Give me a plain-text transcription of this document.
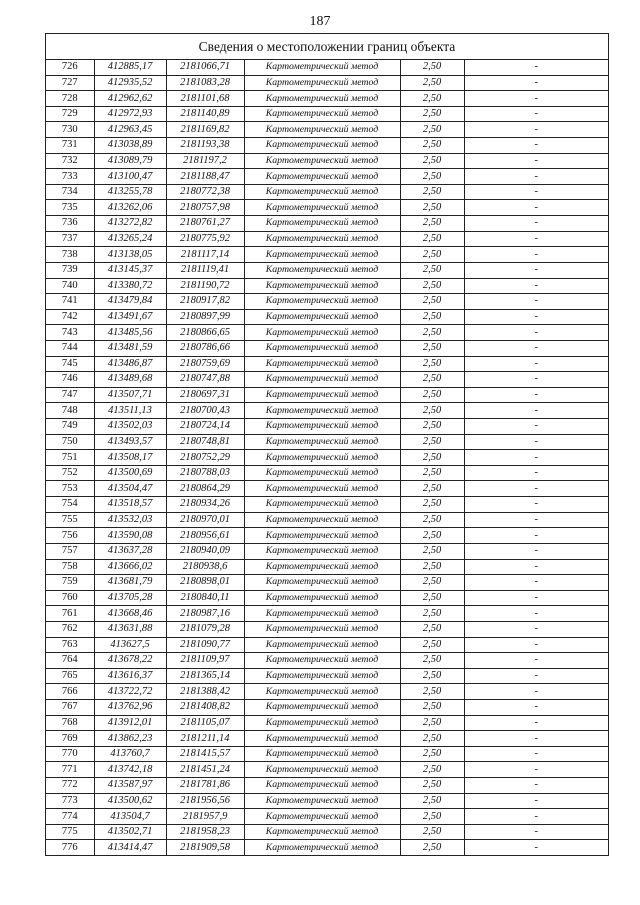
187
Сведения о местоположении границ объекта
726	412885,17	2181066,71	Картометрический метод	2,50	-
727	412935,52	2181083,28	Картометрический метод	2,50	-
728	412962,62	2181101,68	Картометрический метод	2,50	-
729	412972,93	2181140,89	Картометрический метод	2,50	-
730	412963,45	2181169,82	Картометрический метод	2,50	-
731	413038,89	2181193,38	Картометрический метод	2,50	-
732	413089,79	2181197,2	Картометрический метод	2,50	-
733	413100,47	2181188,47	Картометрический метод	2,50	-
734	413255,78	2180772,38	Картометрический метод	2,50	-
735	413262,06	2180757,98	Картометрический метод	2,50	-
736	413272,82	2180761,27	Картометрический метод	2,50	-
737	413265,24	2180775,92	Картометрический метод	2,50	-
738	413138,05	2181117,14	Картометрический метод	2,50	-
739	413145,37	2181119,41	Картометрический метод	2,50	-
740	413380,72	2181190,72	Картометрический метод	2,50	-
741	413479,84	2180917,82	Картометрический метод	2,50	-
742	413491,67	2180897,99	Картометрический метод	2,50	-
743	413485,56	2180866,65	Картометрический метод	2,50	-
744	413481,59	2180786,66	Картометрический метод	2,50	-
745	413486,87	2180759,69	Картометрический метод	2,50	-
746	413489,68	2180747,88	Картометрический метод	2,50	-
747	413507,71	2180697,31	Картометрический метод	2,50	-
748	413511,13	2180700,43	Картометрический метод	2,50	-
749	413502,03	2180724,14	Картометрический метод	2,50	-
750	413493,57	2180748,81	Картометрический метод	2,50	-
751	413508,17	2180752,29	Картометрический метод	2,50	-
752	413500,69	2180788,03	Картометрический метод	2,50	-
753	413504,47	2180864,29	Картометрический метод	2,50	-
754	413518,57	2180934,26	Картометрический метод	2,50	-
755	413532,03	2180970,01	Картометрический метод	2,50	-
756	413590,08	2180956,61	Картометрический метод	2,50	-
757	413637,28	2180940,09	Картометрический метод	2,50	-
758	413666,02	2180938,6	Картометрический метод	2,50	-
759	413681,79	2180898,01	Картометрический метод	2,50	-
760	413705,28	2180840,11	Картометрический метод	2,50	-
761	413668,46	2180987,16	Картометрический метод	2,50	-
762	413631,88	2181079,28	Картометрический метод	2,50	-
763	413627,5	2181090,77	Картометрический метод	2,50	-
764	413678,22	2181109,97	Картометрический метод	2,50	-
765	413616,37	2181365,14	Картометрический метод	2,50	-
766	413722,72	2181388,42	Картометрический метод	2,50	-
767	413762,96	2181408,82	Картометрический метод	2,50	-
768	413912,01	2181105,07	Картометрический метод	2,50	-
769	413862,23	2181211,14	Картометрический метод	2,50	-
770	413760,7	2181415,57	Картометрический метод	2,50	-
771	413742,18	2181451,24	Картометрический метод	2,50	-
772	413587,97	2181781,86	Картометрический метод	2,50	-
773	413500,62	2181956,56	Картометрический метод	2,50	-
774	413504,7	2181957,9	Картометрический метод	2,50	-
775	413502,71	2181958,23	Картометрический метод	2,50	-
776	413414,47	2181909,58	Картометрический метод	2,50	-
